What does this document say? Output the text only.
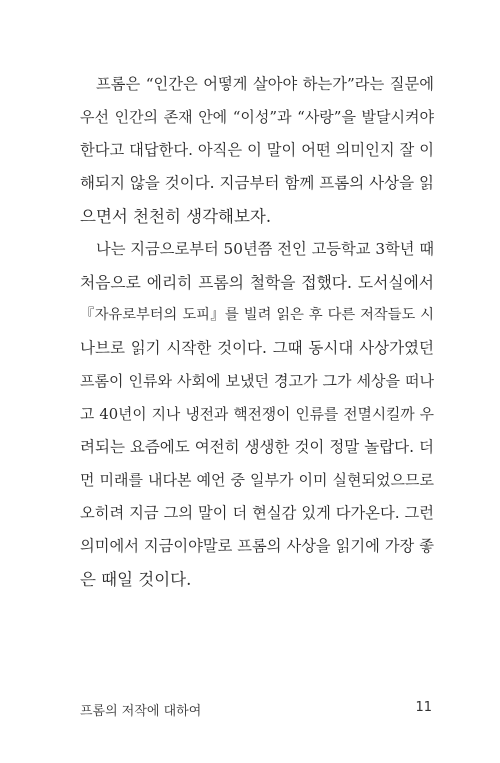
프롬은 “인간은 어떻게 살아야 하는가”라는 질문에
우선 인간의 존재 안에 “이성”과 “사랑”을 발달시켜야
한다고 대답한다. 아직은 이 말이 어떤 의미인지 잘 이
해되지 않을 것이다. 지금부터 함께 프롬의 사상을 읽
으면서 천천히 생각해보자.
나는 지금으로부터 50년쯤 전인 고등학교 3학년 때
처음으로 에리히 프롬의 철학을 접했다. 도서실에서
『자유로부터의 도피』를 빌려 읽은 후 다른 저작들도 시
나브로 읽기 시작한 것이다. 그때 동시대 사상가였던
프롬이 인류와 사회에 보냈던 경고가 그가 세상을 떠나
고 40년이 지나 냉전과 핵전쟁이 인류를 전멸시킬까 우
려되는 요즘에도 여전히 생생한 것이 정말 놀랍다. 더
먼 미래를 내다본 예언 중 일부가 이미 실현되었으므로
오히려 지금 그의 말이 더 현실감 있게 다가온다. 그런
의미에서 지금이야말로 프롬의 사상을 읽기에 가장 좋
은 때일 것이다.
프롬의 저작에 대하여	11
